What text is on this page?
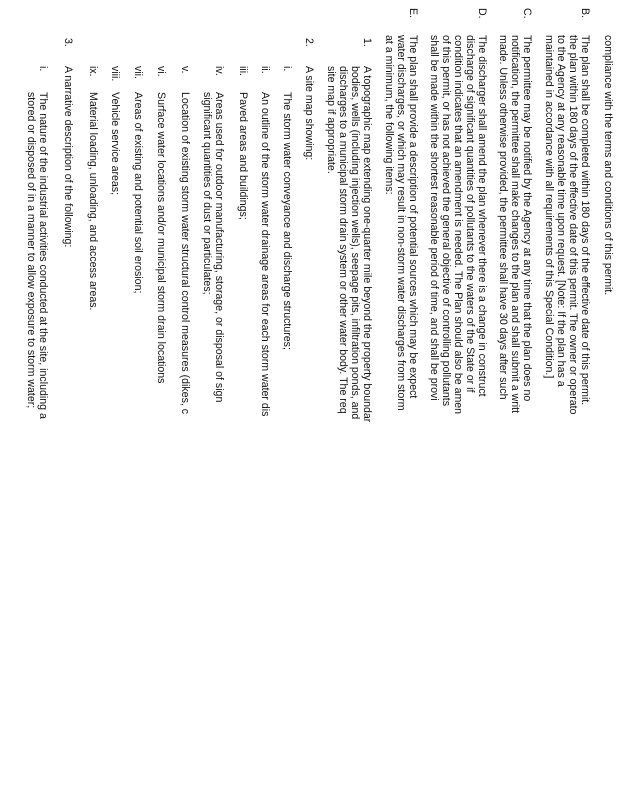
compliance with the terms and conditions of this permit.
B.
The plan shall be completed within 180 days of the effective date of this permit.
the plan within 180 days of the effective date of this permit. The owner or operato
to the Agency at any reasonable time upon request. [Note: If the plan has a
maintained in accordance with all requirements of this Special Condition.]
C.
The permittee may be notified by the Agency at any time that the plan does no
notification, the permittee shall make changes to the plan and shall submit a writt
made. Unless otherwise provided, the permittee shall have 30 days after such
D.
The discharger shall amend the plan whenever there is a change in construct
discharge of significant quantities of pollutants to the waters of the State or if
condition indicates that an amendment is needed. The Plan should also be amen
of this permit, or has not achieved the general objective of controlling pollutants
shall be made within the shortest reasonable period of time, and shall be provi
E.
The plan shall provide a description of potential sources which may be expect
water discharges, or which may result in non-storm water discharges from storm
at a minimum, the following items:
1.
A topographic map extending one-quarter mile beyond the property boundar
bodies, wells (including injection wells), seepage pits, infiltration ponds, and
discharges to a municipal storm drain system or other water body. The req
site map if appropriate.
2.
A site map showing:
i.
The storm water conveyance and discharge structures;
ii.
An outline of the storm water drainage areas for each storm water dis
iii.
Paved areas and buildings;
iv.
Areas used for outdoor manufacturing, storage, or disposal of sign
significant quantities of dust or particulates;
v.
Location of existing storm water structural control measures (dikes, c
vi.
Surface water locations and/or municipal storm drain locations
vii.
Areas of existing and potential soil erosion;
viii.
Vehicle service areas;
ix.
Material loading, unloading, and access areas.
3.
A narrative description of the following:
i.
The nature of the industrial activities conducted at the site, including a
stored or disposed of in a manner to allow exposure to storm water;
